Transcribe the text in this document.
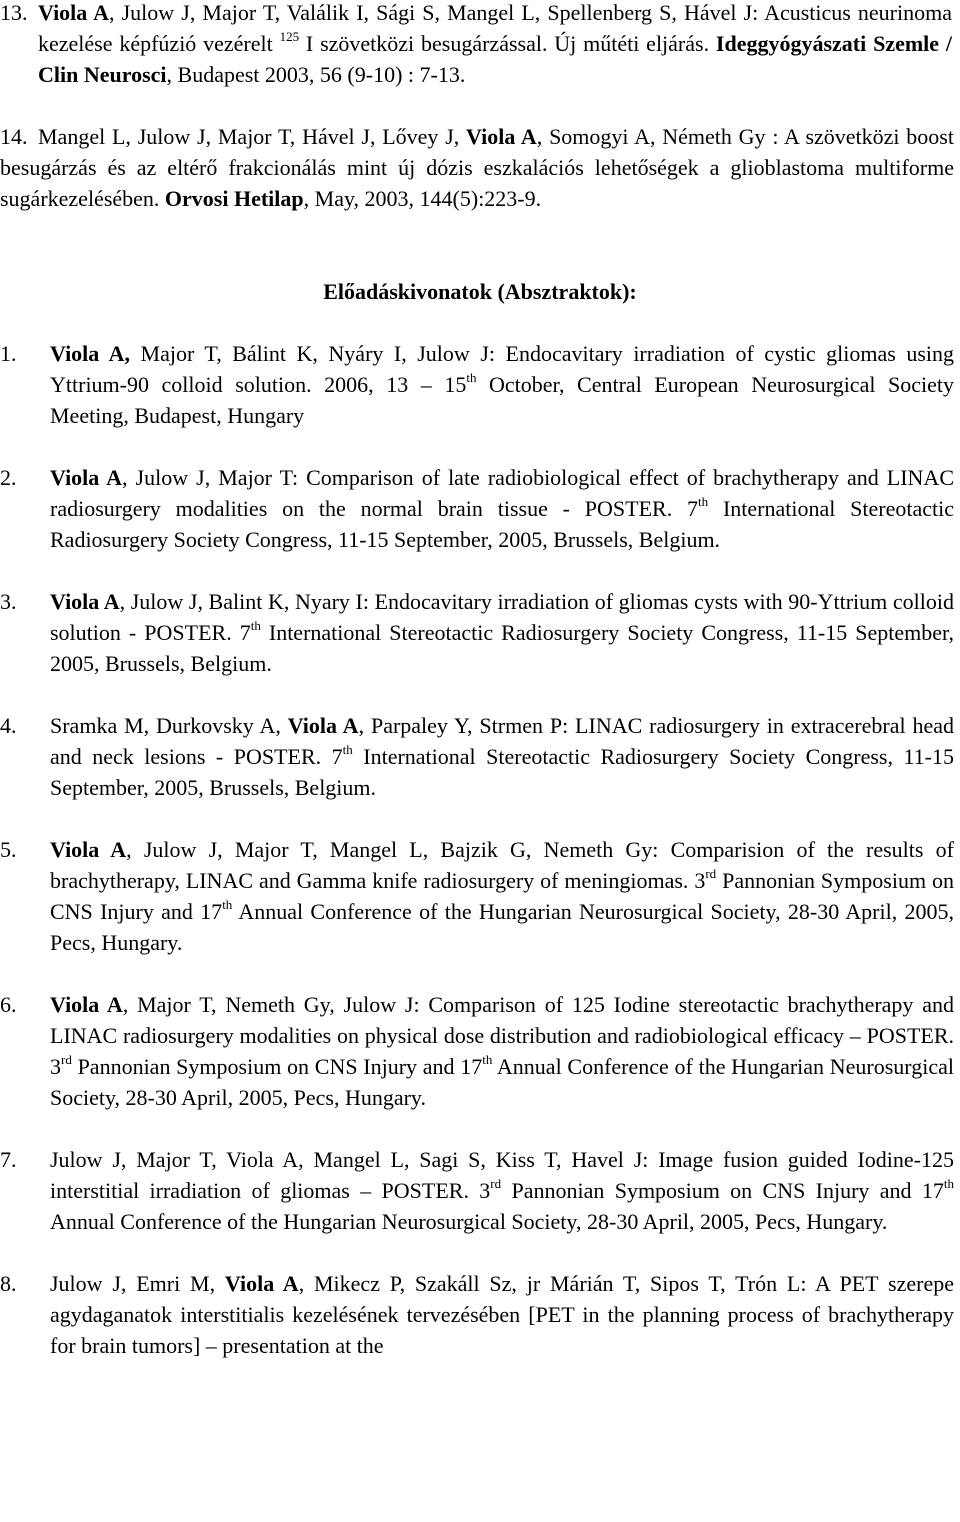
13. Viola A, Julow J, Major T, Valálik I, Sági S, Mangel L, Spellenberg S, Hável J: Acusticus neurinoma kezelése képfúzió vezérelt $^{125}$ I szövetközi besugárzással. Új műtéti eljárás. Ideggyógyászati Szemle / Clin Neurosci, Budapest 2003, 56 (9-10) : 7-13.
14. Mangel L, Julow J, Major T, Hável J, Lővey J, Viola A, Somogyi A, Németh Gy : A szövetközi boost besugárzás és az eltérő frakcionálás mint új dózis eszkalációs lehetőségek a glioblastoma multiforme sugárkezelésében. Orvosi Hetilap, May, 2003, 144(5):223-9.
Előadáskivonatok (Absztraktok):
1. Viola A, Major T, Bálint K, Nyáry I, Julow J: Endocavitary irradiation of cystic gliomas using Yttrium-90 colloid solution. 2006, 13 – 15th October, Central European Neurosurgical Society Meeting, Budapest, Hungary
2. Viola A, Julow J, Major T: Comparison of late radiobiological effect of brachytherapy and LINAC radiosurgery modalities on the normal brain tissue - POSTER. 7th International Stereotactic Radiosurgery Society Congress, 11-15 September, 2005, Brussels, Belgium.
3. Viola A, Julow J, Balint K, Nyary I: Endocavitary irradiation of gliomas cysts with 90-Yttrium colloid solution - POSTER. 7th International Stereotactic Radiosurgery Society Congress, 11-15 September, 2005, Brussels, Belgium.
4. Sramka M, Durkovsky A, Viola A, Parpaley Y, Strmen P: LINAC radiosurgery in extracerebral head and neck lesions - POSTER. 7th International Stereotactic Radiosurgery Society Congress, 11-15 September, 2005, Brussels, Belgium.
5. Viola A, Julow J, Major T, Mangel L, Bajzik G, Nemeth Gy: Comparision of the results of brachytherapy, LINAC and Gamma knife radiosurgery of meningiomas. 3rd Pannonian Symposium on CNS Injury and 17th Annual Conference of the Hungarian Neurosurgical Society, 28-30 April, 2005, Pecs, Hungary.
6. Viola A, Major T, Nemeth Gy, Julow J: Comparison of 125 Iodine stereotactic brachytherapy and LINAC radiosurgery modalities on physical dose distribution and radiobiological efficacy – POSTER. 3rd Pannonian Symposium on CNS Injury and 17th Annual Conference of the Hungarian Neurosurgical Society, 28-30 April, 2005, Pecs, Hungary.
7. Julow J, Major T, Viola A, Mangel L, Sagi S, Kiss T, Havel J: Image fusion guided Iodine-125 interstitial irradiation of gliomas – POSTER. 3rd Pannonian Symposium on CNS Injury and 17th Annual Conference of the Hungarian Neurosurgical Society, 28-30 April, 2005, Pecs, Hungary.
8. Julow J, Emri M, Viola A, Mikecz P, Szakáll Sz, jr Márián T, Sipos T, Trón L: A PET szerepe agydaganatok interstitialis kezelésének tervezésében [PET in the planning process of brachytherapy for brain tumors] – presentation at the
